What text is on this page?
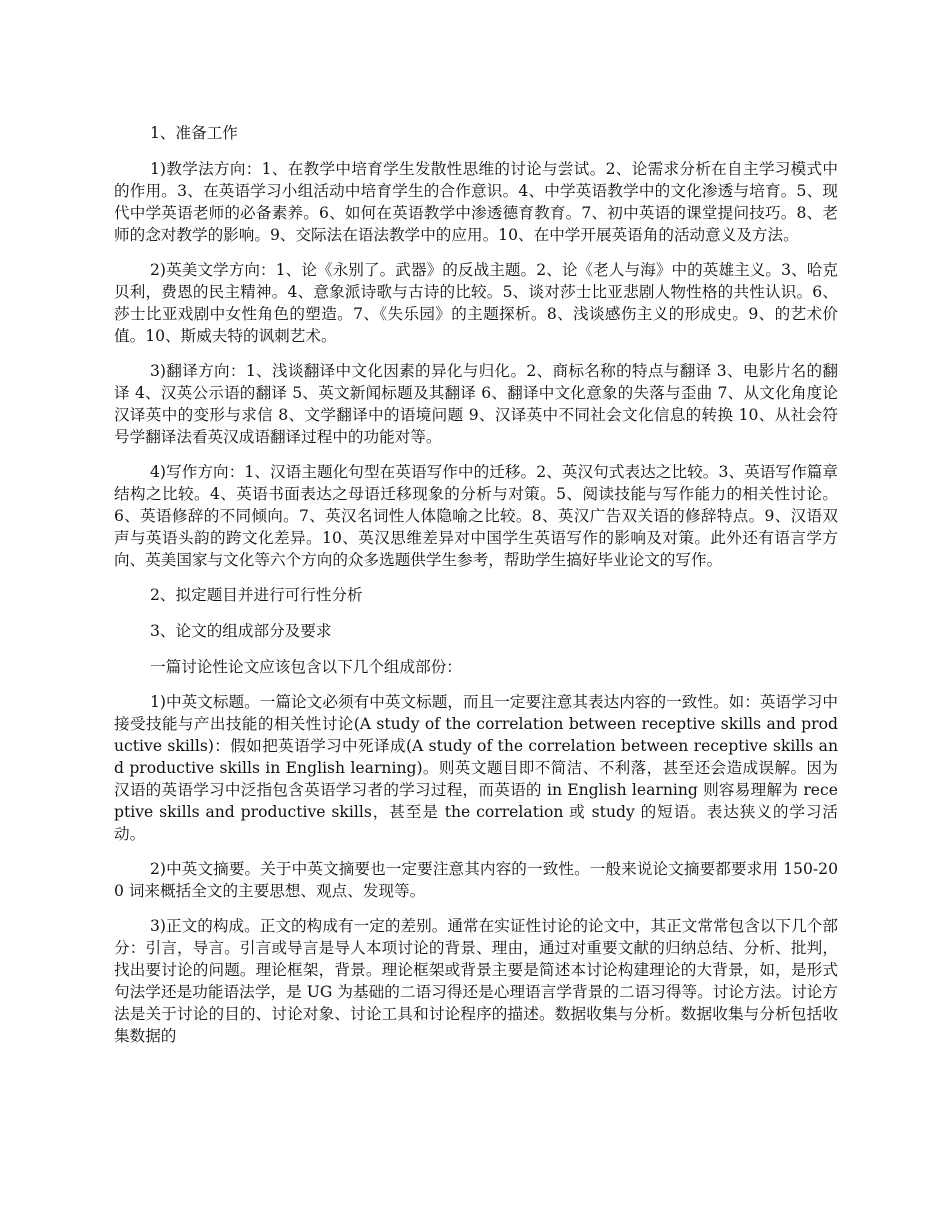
1、准备工作

1)教学法方向：1、在教学中培育学生发散性思维的讨论与尝试。2、论需求分析在自主学习模式中的作用。3、在英语学习小组活动中培育学生的合作意识。4、中学英语教学中的文化渗透与培育。5、现代中学英语老师的必备素养。6、如何在英语教学中渗透德育教育。7、初中英语的课堂提问技巧。8、老师的念对教学的影响。9、交际法在语法教学中的应用。10、在中学开展英语角的活动意义及方法。

2)英美文学方向：1、论《永别了。武器》的反战主题。2、论《老人与海》中的英雄主义。3、哈克贝利，费恩的民主精神。4、意象派诗歌与古诗的比较。5、谈对莎士比亚悲剧人物性格的共性认识。6、莎士比亚戏剧中女性角色的塑造。7、《失乐园》的主题探析。8、浅谈感伤主义的形成史。9、的艺术价值。10、斯威夫特的讽刺艺术。

3)翻译方向：1、浅谈翻译中文化因素的异化与归化。2、商标名称的特点与翻译 3、电影片名的翻译 4、汉英公示语的翻译 5、英文新闻标题及其翻译 6、翻译中文化意象的失落与歪曲 7、从文化角度论汉译英中的变形与求信 8、文学翻译中的语境问题 9、汉译英中不同社会文化信息的转换 10、从社会符号学翻译法看英汉成语翻译过程中的功能对等。

4)写作方向：1、汉语主题化句型在英语写作中的迁移。2、英汉句式表达之比较。3、英语写作篇章结构之比较。4、英语书面表达之母语迁移现象的分析与对策。5、阅读技能与写作能力的相关性讨论。6、英语修辞的不同倾向。7、英汉名词性人体隐喻之比较。8、英汉广告双关语的修辞特点。9、汉语双声与英语头韵的跨文化差异。10、英汉思维差异对中国学生英语写作的影响及对策。此外还有语言学方向、英美国家与文化等六个方向的众多选题供学生参考，帮助学生搞好毕业论文的写作。

2、拟定题目并进行可行性分析

3、论文的组成部分及要求

一篇讨论性论文应该包含以下几个组成部份：

1)中英文标题。一篇论文必须有中英文标题，而且一定要注意其表达内容的一致性。如：英语学习中接受技能与产出技能的相关性讨论(A study of the correlation between receptive skills and productive skills)：假如把英语学习中死译成(A study of the correlation between receptive skills and productive skills in English learning)。则英文题目即不简洁、不利落，甚至还会造成误解。因为汉语的英语学习中泛指包含英语学习者的学习过程，而英语的 in English learning 则容易理解为 receptive skills and productive skills，甚至是 the correlation 或 study 的短语。表达狭义的学习活动。

2)中英文摘要。关于中英文摘要也一定要注意其内容的一致性。一般来说论文摘要都要求用 150-200 词来概括全文的主要思想、观点、发现等。

3)正文的构成。正文的构成有一定的差别。通常在实证性讨论的论文中，其正文常常包含以下几个部分：引言，导言。引言或导言是导人本项讨论的背景、理由，通过对重要文献的归纳总结、分析、批判，找出要讨论的问题。理论框架，背景。理论框架或背景主要是简述本讨论构建理论的大背景，如，是形式句法学还是功能语法学，是 UG 为基础的二语习得还是心理语言学背景的二语习得等。讨论方法。讨论方法是关于讨论的目的、讨论对象、讨论工具和讨论程序的描述。数据收集与分析。数据收集与分析包括收集数据的
